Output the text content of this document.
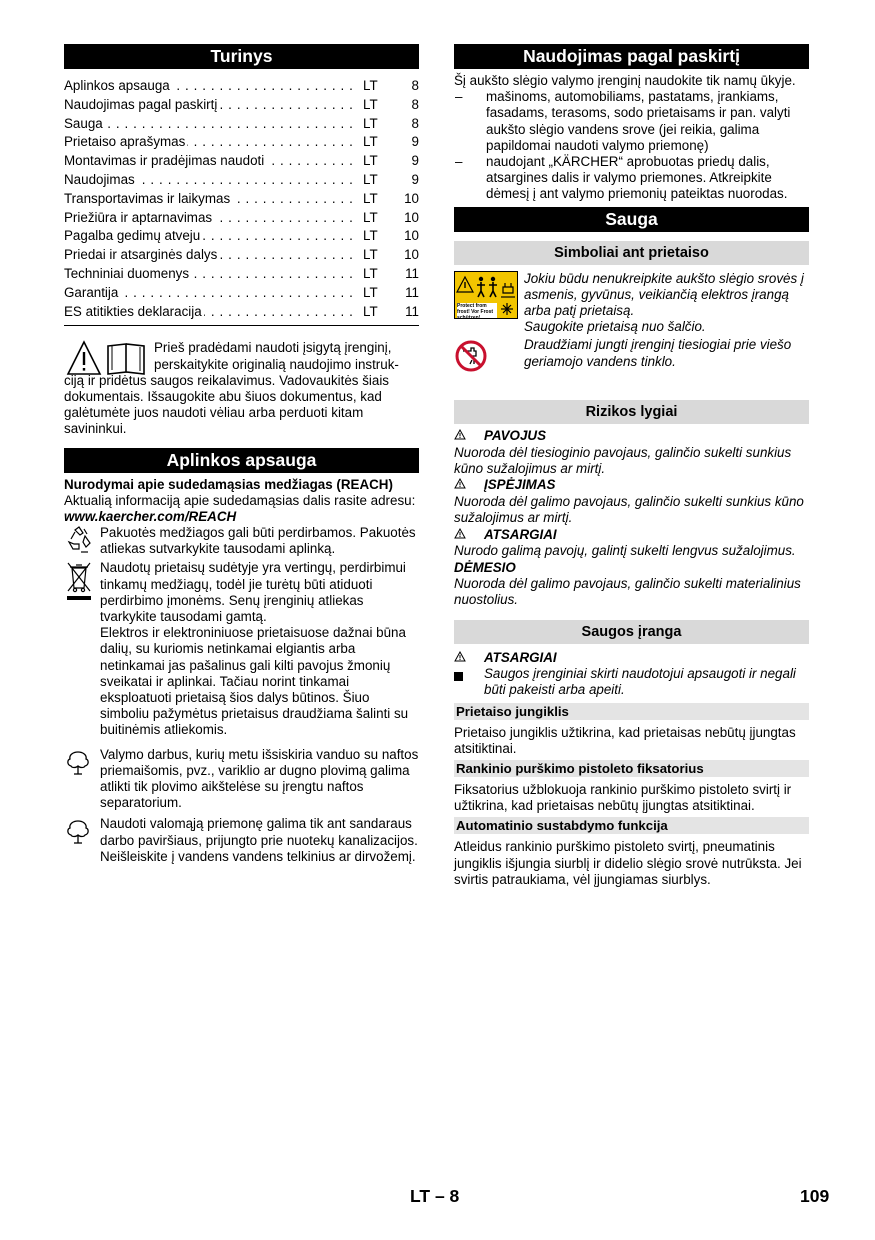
Turinys
Aplinkos apsauga . . .	LT	8
Naudojimas pagal paskirtį . . .	LT	8
Sauga . . .	LT	8
Prietaiso aprašymas . . .	LT	9
Montavimas ir pradėjimas naudoti . . .	LT	9
Naudojimas . . .	LT	9
Transportavimas ir laikymas . . .	LT	10
Priežiūra ir aptarnavimas . . .	LT	10
Pagalba gedimų atveju . . .	LT	10
Priedai ir atsarginės dalys . . .	LT	10
Techniniai duomenys . . .	LT	11
Garantija . . .	LT	11
ES atitikties deklaracija . . .	LT	11

Prieš pradėdami naudoti įsigytą įrenginį,

perskaitykite originalią naudojimo instruk-

ciją ir pridėtus saugos reikalavimus. Vadovaukitės šiais dokumentais. Išsaugokite abu šiuos dokumentus, kad galėtumėte juos naudoti vėliau arba perduoti kitam savininkui.

Aplinkos apsauga

Nurodymai apie sudedamąsias medžiagas (REACH)

Aktualią informaciją apie sudedamąsias dalis rasite adresu:

www.kaercher.com/REACH

Pakuotės medžiagos gali būti perdirbamos. Pakuotės atliekas sutvarkykite tausodami aplinką.

Naudotų prietaisų sudėtyje yra vertingų, perdirbimui tinkamų medžiagų, todėl jie turėtų būti atiduoti perdirbimo įmonėms. Senų įrenginių atliekas tvarkykite tausodami gamtą.

Elektros ir elektroniniuose prietaisuose dažnai būna dalių, su kuriomis netinkamai elgiantis arba netinkamai jas pašalinus gali kilti pavojus žmonių sveikatai ir aplinkai. Tačiau norint tinkamai eksploatuoti prietaisą šios dalys būtinos. Šiuo simboliu pažymėtus prietaisus draudžiama šalinti su buitinėmis atliekomis.

Valymo darbus, kurių metu išsiskiria vanduo su naftos priemaišomis, pvz., variklio ar dugno plovimą galima atlikti tik plovimo aikštelėse su įrengtu naftos separatorium.

Naudoti valomąją priemonę galima tik ant sandaraus darbo paviršiaus, prijungto prie nuotekų kanalizacijos. Neišleiskite į vandens vandens telkinius ar dirvožemį.

Naudojimas pagal paskirtį

Šį aukšto slėgio valymo įrenginį naudokite tik namų ūkyje.

–	mašinoms, automobiliams, pastatams, įrankiams, fasadams, terasoms, sodo prietaisams ir pan. valyti aukšto slėgio vandens srove (jei reikia, galima papildomai naudoti valymo priemonę)
–	naudojant „KÄRCHER“ aprobuotas priedų dalis, atsargines dalis ir valymo priemones. Atkreipkite dėmesį į ant valymo priemonių pateiktas nuorodas.
Sauga
Simboliai ant prietaiso
Protect from frost! Vor Frost schützen!

Jokiu būdu nenukreipkite aukšto slėgio srovės į asmenis, gyvūnus, veikiančią elektros įrangą arba patį prietaisą.

Saugokite prietaisą nuo šalčio.

Draudžiami jungti įrenginį tiesiogiai prie viešo geriamojo vandens tinklo.

Rizikos lygiai
PAVOJUS

Nuoroda dėl tiesioginio pavojaus, galinčio sukelti sunkius kūno sužalojimus ar mirtį.

ĮSPĖJIMAS

Nuoroda dėl galimo pavojaus, galinčio sukelti sunkius kūno sužalojimus ar mirtį.

ATSARGIAI

Nurodo galimą pavojų, galintį sukelti lengvus sužalojimus.

DĖMESIO

Nuoroda dėl galimo pavojaus, galinčio sukelti materialinius nuostolius.

Saugos įranga
ATSARGIAI

Saugos įrenginiai skirti naudotojui apsaugoti ir negali būti pakeisti arba apeiti.

Prietaiso jungiklis

Prietaiso jungiklis užtikrina, kad prietaisas nebūtų įjungtas atsitiktinai.

Rankinio purškimo pistoleto fiksatorius

Fiksatorius užblokuoja rankinio purškimo pistoleto svirtį ir užtikrina, kad prietaisas nebūtų įjungtas atsitiktinai.

Automatinio sustabdymo funkcija

Atleidus rankinio purškimo pistoleto svirtį, pneumatinis jungiklis išjungia siurblį ir didelio slėgio srovė nutrūksta. Jei svirtis patraukiama, vėl įjungiamas siurblys.

LT – 8	109
